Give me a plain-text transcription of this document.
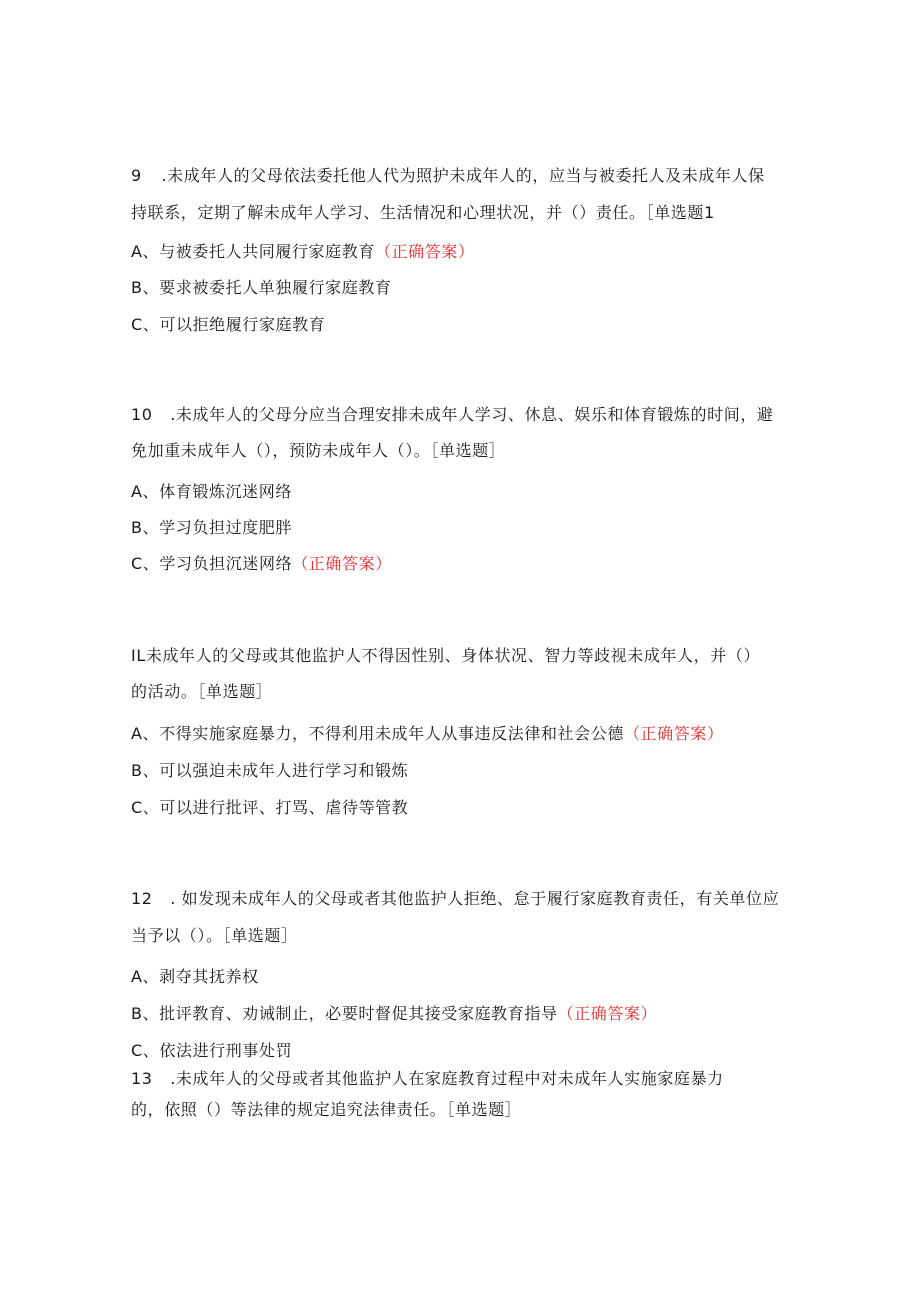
9 .未成年人的父母依法委托他人代为照护未成年人的，应当与被委托人及未成年人保
持联系，定期了解未成年人学习、生活情况和心理状况，并（）责任。［单选题1
A、与被委托人共同履行家庭教育（正确答案）
B、要求被委托人单独履行家庭教育
C、可以拒绝履行家庭教育
10 .未成年人的父母分应当合理安排未成年人学习、休息、娱乐和体育锻炼的时间，避
免加重未成年人（），预防未成年人（）。［单选题］
A、体育锻炼沉迷网络
B、学习负担过度肥胖
C、学习负担沉迷网络（正确答案）
IL未成年人的父母或其他监护人不得因性别、身体状况、智力等歧视未成年人，并（）
的活动。［单选题］
A、不得实施家庭暴力，不得利用未成年人从事违反法律和社会公德（正确答案）
B、可以强迫未成年人进行学习和锻炼
C、可以进行批评、打骂、虐待等管教
12 . 如发现未成年人的父母或者其他监护人拒绝、怠于履行家庭教育责任，有关单位应
当予以（）。［单选题］
A、剥夺其抚养权
B、批评教育、劝诫制止，必要时督促其接受家庭教育指导（正确答案）
C、依法进行刑事处罚
13 .未成年人的父母或者其他监护人在家庭教育过程中对未成年人实施家庭暴力
的，依照（）等法律的规定追究法律责任。［单选题］
